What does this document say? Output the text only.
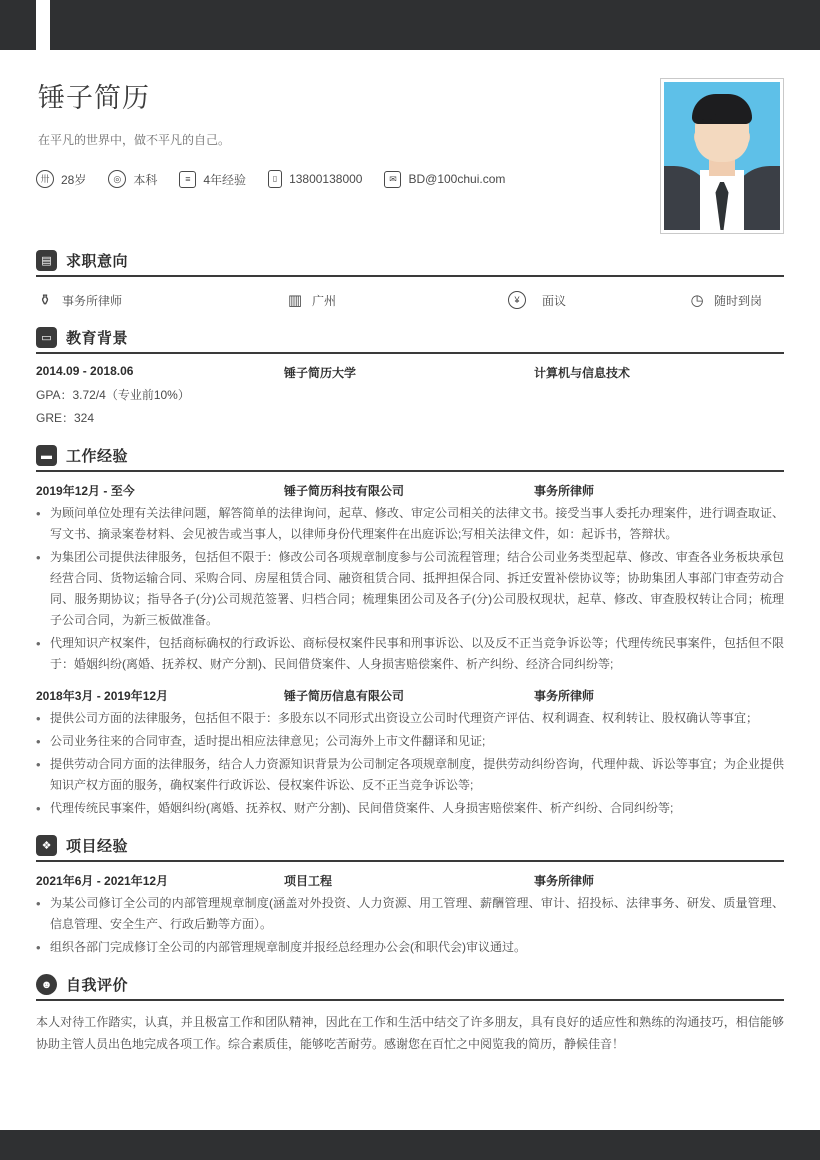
锤子简历

在平凡的世界中，做不平凡的自己。

卅 28岁	◎	本科	≡	4年经验	▯ 13800138000	✉ BD@100chui.com
▤ 求职意向
⚱ 事务所律师	▥ 广州	¥	面议	◷ 随时到岗
▭ 教育背景
2014.09 - 2018.06	锤子简历大学	计算机与信息技术

GPA：3.72/4（专业前10%）

GRE：324

▬ 工作经验
2019年12月 - 至今	锤子简历科技有限公司	事务所律师
• 为顾问单位处理有关法律问题，解答简单的法律询问，起草、修改、审定公司相关的法律文书。接受当事人委托办理案件，进行调查取证、写文书、摘录案卷材料、会见被告或当事人，以律师身份代理案件在出庭诉讼;写相关法律文件，如：起诉书，答辩状。
• 为集团公司提供法律服务，包括但不限于：修改公司各项规章制度参与公司流程管理；结合公司业务类型起草、修改、审查各业务板块承包经营合同、货物运输合同、采购合同、房屋租赁合同、融资租赁合同、抵押担保合同、拆迁安置补偿协议等；协助集团人事部门审查劳动合同、服务期协议；指导各子(分)公司规范签署、归档合同；梳理集团公司及各子(分)公司股权现状，起草、修改、审查股权转让合同；梳理子公司合同，为新三板做准备。
• 代理知识产权案件，包括商标确权的行政诉讼、商标侵权案件民事和刑事诉讼、以及反不正当竞争诉讼等；代理传统民事案件，包括但不限于：婚姻纠纷(离婚、抚养权、财产分割)、民间借贷案件、人身损害赔偿案件、析产纠纷、经济合同纠纷等;
2018年3月 - 2019年12月	锤子简历信息有限公司	事务所律师
• 提供公司方面的法律服务，包括但不限于：多股东以不同形式出资设立公司时代理资产评估、权利调查、权利转让、股权确认等事宜；
• 公司业务往来的合同审查，适时提出相应法律意见；公司海外上市文件翻译和见证;
• 提供劳动合同方面的法律服务，结合人力资源知识背景为公司制定各项规章制度，提供劳动纠纷咨询，代理仲裁、诉讼等事宜；为企业提供知识产权方面的服务，确权案件行政诉讼、侵权案件诉讼、反不正当竞争诉讼等;
• 代理传统民事案件，婚姻纠纷(离婚、抚养权、财产分割)、民间借贷案件、人身损害赔偿案件、析产纠纷、合同纠纷等;
❖ 项目经验
2021年6月 - 2021年12月	项目工程	事务所律师
• 为某公司修订全公司的内部管理规章制度(涵盖对外投资、人力资源、用工管理、薪酬管理、审计、招投标、法律事务、研发、质量管理、信息管理、安全生产、行政后勤等方面）。
• 组织各部门完成修订全公司的内部管理规章制度并报经总经理办公会(和职代会)审议通过。
☻ 自我评价

本人对待工作踏实，认真，并且极富工作和团队精神，因此在工作和生活中结交了许多朋友，具有良好的适应性和熟练的沟通技巧，相信能够协助主管人员出色地完成各项工作。综合素质佳，能够吃苦耐劳。感谢您在百忙之中阅览我的简历，静候佳音！
